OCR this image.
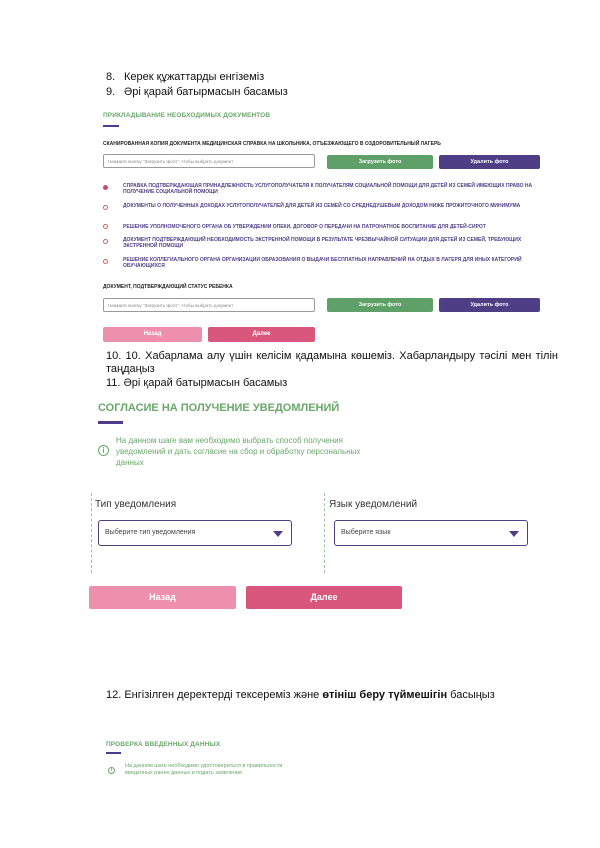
8. Керек құжаттарды енгіземіз
9. Әрі қарай батырмасын басамыз
ПРИКЛАДЫВАНИЕ НЕОБХОДИМЫХ ДОКУМЕНТОВ
СКАНИРОВАННАЯ КОПИЯ ДОКУМЕНТА МЕДИЦИНСКАЯ СПРАВКА НА ШКОЛЬНИКА, ОТЪЕЗЖАЮЩЕГО В ОЗДОРОВИТЕЛЬНЫЙ ЛАГЕРЬ
Нажмите кнопку "Загрузить фото", чтобы выбрать документ	Загрузить фото	Удалить фото
СПРАВКА ПОДТВЕРЖДАЮЩАЯ ПРИНАДЛЕЖНОСТЬ УСЛУГОПОЛУЧАТЕЛЯ К ПОЛУЧАТЕЛЯМ СОЦИАЛЬНОЙ ПОМОЩИ ДЛЯ ДЕТЕЙ ИЗ СЕМЕЙ ИМЕЮЩИХ ПРАВО НА ПОЛУЧЕНИЕ СОЦИАЛЬНОЙ ПОМОЩИ
ДОКУМЕНТЫ О ПОЛУЧЕННЫХ ДОХОДАХ УСЛУГОПОЛУЧАТЕЛЕЙ ДЛЯ ДЕТЕЙ ИЗ СЕМЕЙ СО СРЕДНЕДУШЕВЫМ ДОХОДОМ НИЖЕ ПРОЖИТОЧНОГО МИНИМУМА
РЕШЕНИЕ УПОЛНОМОЧЕНОГО ОРГАНА ОБ УТВЕРЖДЕНИИ ОПЕКИ, ДОГОВОР О ПЕРЕДАЧИ НА ПАТРОНАТНОЕ ВОСПИТАНИЕ ДЛЯ ДЕТЕЙ-СИРОТ
ДОКУМЕНТ ПОДТВЕРЖДАЮЩИЙ НЕОБХОДИМОСТЬ ЭКСТРЕННОЙ ПОМОЩИ В РЕЗУЛЬТАТЕ ЧРЕЗВЫЧАЙНОЙ СИТУАЦИИ ДЛЯ ДЕТЕЙ ИЗ СЕМЕЙ, ТРЕБУЮЩИХ ЭКСТРЕННОЙ ПОМОЩИ
РЕШЕНИЕ КОЛЛЕГИАЛЬНОГО ОРГАНА ОРГАНИЗАЦИИ ОБРАЗОВАНИЯ О ВЫДАЧИ БЕСПЛАТНЫХ НАПРАВЛЕНИЙ НА ОТДЫХ В ЛАГЕРЯ ДЛЯ ИНЫХ КАТЕГОРИЙ ОБУЧАЮЩИХСЯ
ДОКУМЕНТ, ПОДТВЕРЖДАЮЩИЙ СТАТУС РЕБЕНКА
Нажмите кнопку "Загрузить фото", чтобы выбрать документ	Загрузить фото	Удалить фото
Назад	Далее
10. 10. Хабарлама алу үшін келісім қадамына көшеміз. Хабарландыру тәсілі мен тілін таңдаңыз
11. Әрі қарай батырмасын басамыз
СОГЛАСИЕ НА ПОЛУЧЕНИЕ УВЕДОМЛЕНИЙ
i
На данном шаге вам необходимо выбрать способ получения
уведомлений и дать согласие на сбор и обработку персональных
данных
Тип уведомления
Выберите тип уведомления
Язык уведомлений
Выберите язык
Назад	Далее
12. Енгізілген деректерді тексереміз және өтініш беру түймешігін басыңыз
ПРОВЕРКА ВВЕДЕННЫХ ДАННЫХ
i
На данном шаге необходимо удостовериться в правильности
введенных ранее данных и подать заявление.
